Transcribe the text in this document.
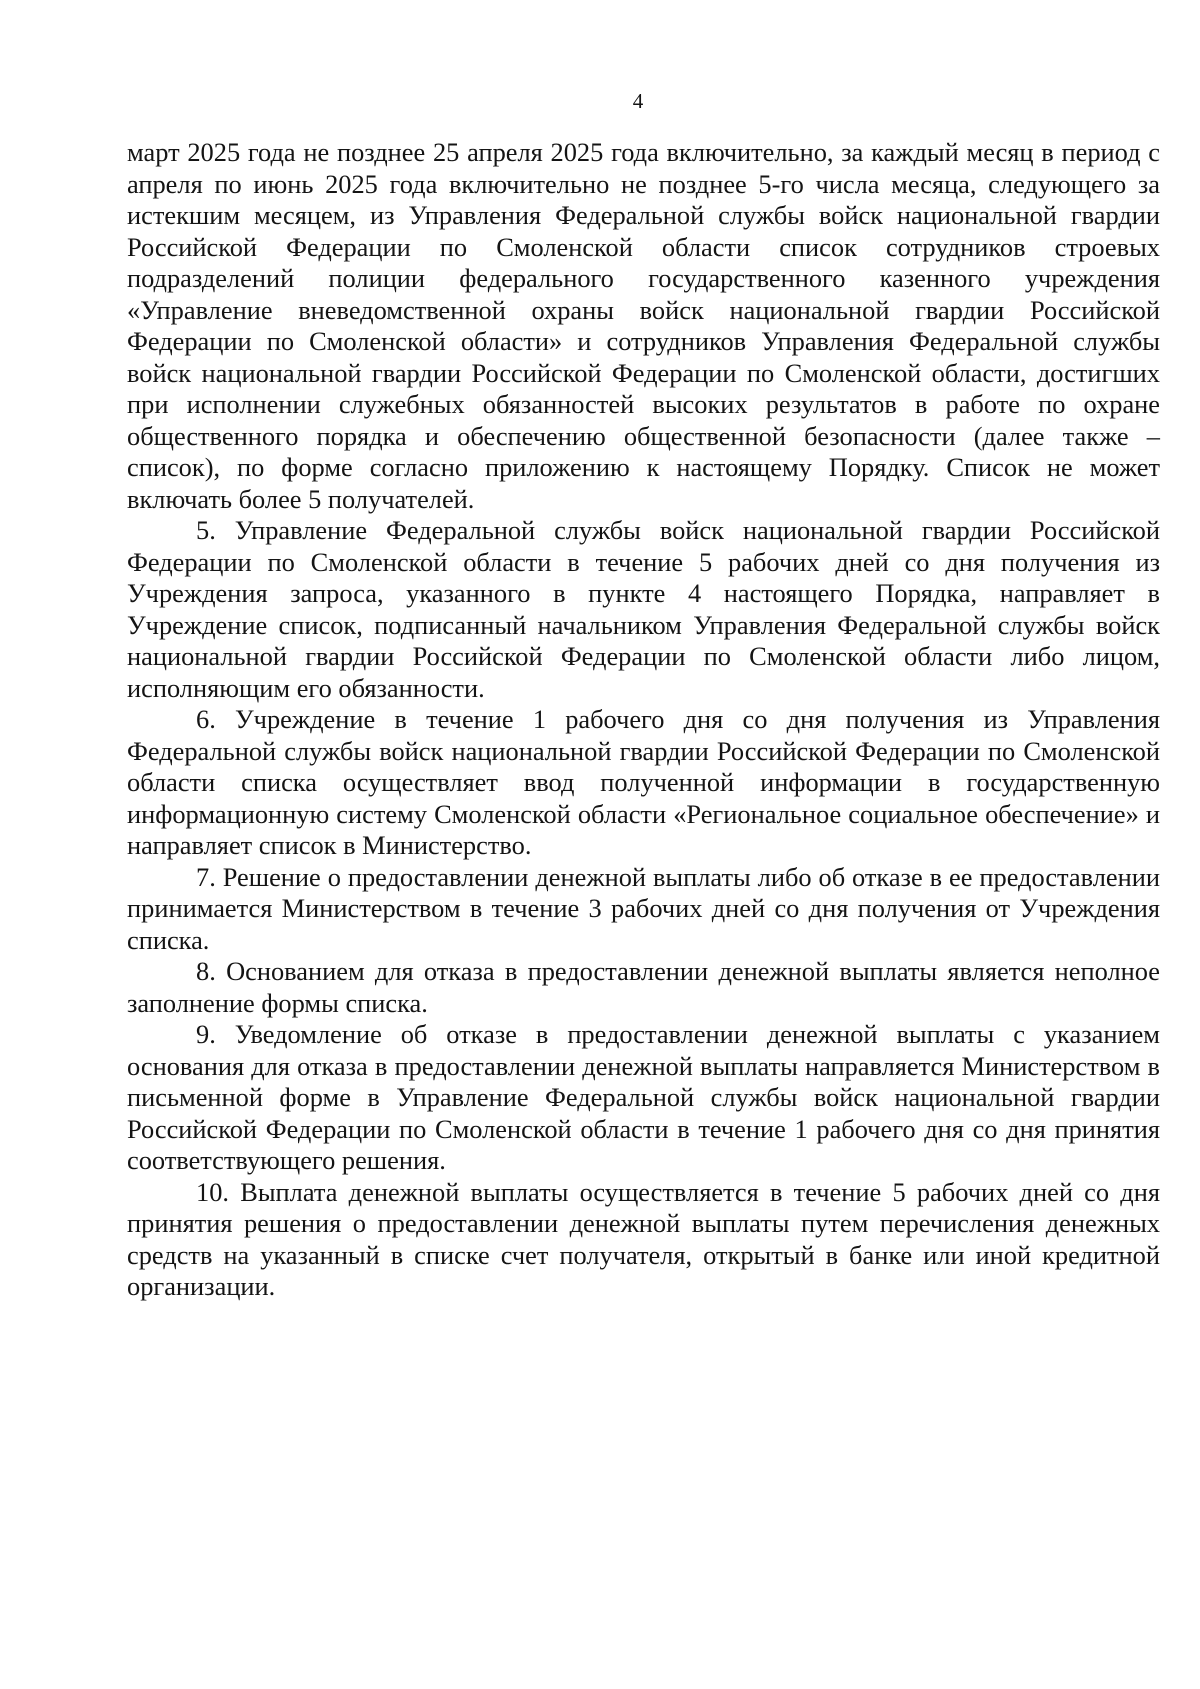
4

март 2025 года не позднее 25 апреля 2025 года включительно, за каждый месяц в период с апреля по июнь 2025 года включительно не позднее 5-го числа месяца, следующего за истекшим месяцем, из Управления Федеральной службы войск национальной гвардии Российской Федерации по Смоленской области список сотрудников строевых подразделений полиции федерального государственного казенного учреждения «Управление вневедомственной охраны войск национальной гвардии Российской Федерации по Смоленской области» и сотрудников Управления Федеральной службы войск национальной гвардии Российской Федерации по Смоленской области, достигших при исполнении служебных обязанностей высоких результатов в работе по охране общественного порядка и обеспечению общественной безопасности (далее также – список), по форме согласно приложению к настоящему Порядку. Список не может включать более 5 получателей.

5. Управление Федеральной службы войск национальной гвардии Российской Федерации по Смоленской области в течение 5 рабочих дней со дня получения из Учреждения запроса, указанного в пункте 4 настоящего Порядка, направляет в Учреждение список, подписанный начальником Управления Федеральной службы войск национальной гвардии Российской Федерации по Смоленской области либо лицом, исполняющим его обязанности.

6. Учреждение в течение 1 рабочего дня со дня получения из Управления Федеральной службы войск национальной гвардии Российской Федерации по Смоленской области списка осуществляет ввод полученной информации в государственную информационную систему Смоленской области «Региональное социальное обеспечение» и направляет список в Министерство.

7. Решение о предоставлении денежной выплаты либо об отказе в ее предоставлении принимается Министерством в течение 3 рабочих дней со дня получения от Учреждения списка.

8. Основанием для отказа в предоставлении денежной выплаты является неполное заполнение формы списка.

9. Уведомление об отказе в предоставлении денежной выплаты с указанием основания для отказа в предоставлении денежной выплаты направляется Министерством в письменной форме в Управление Федеральной службы войск национальной гвардии Российской Федерации по Смоленской области в течение 1 рабочего дня со дня принятия соответствующего решения.

10. Выплата денежной выплаты осуществляется в течение 5 рабочих дней со дня принятия решения о предоставлении денежной выплаты путем перечисления денежных средств на указанный в списке счет получателя, открытый в банке или иной кредитной организации.
